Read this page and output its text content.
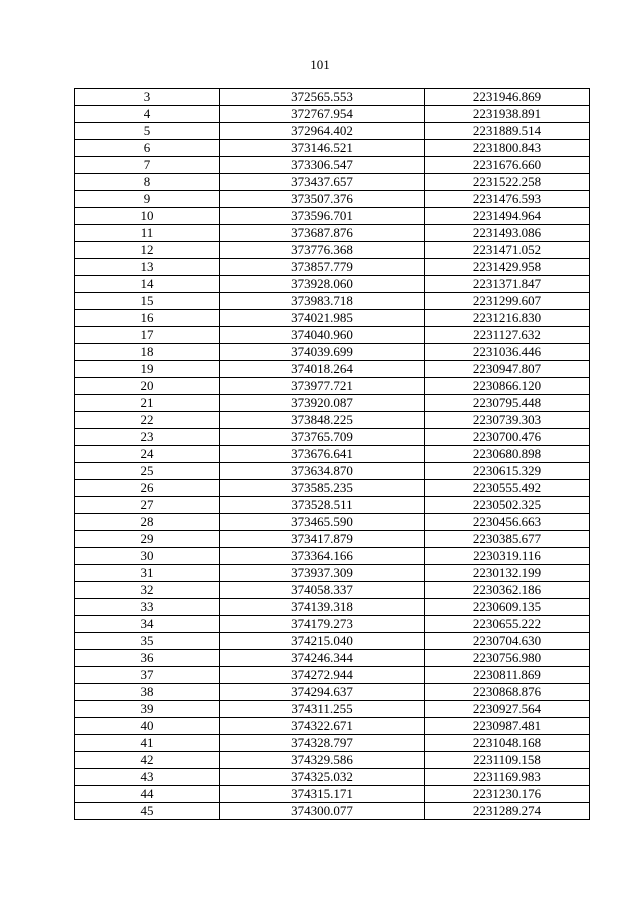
101
3	372565.553	2231946.869
4	372767.954	2231938.891
5	372964.402	2231889.514
6	373146.521	2231800.843
7	373306.547	2231676.660
8	373437.657	2231522.258
9	373507.376	2231476.593
10	373596.701	2231494.964
11	373687.876	2231493.086
12	373776.368	2231471.052
13	373857.779	2231429.958
14	373928.060	2231371.847
15	373983.718	2231299.607
16	374021.985	2231216.830
17	374040.960	2231127.632
18	374039.699	2231036.446
19	374018.264	2230947.807
20	373977.721	2230866.120
21	373920.087	2230795.448
22	373848.225	2230739.303
23	373765.709	2230700.476
24	373676.641	2230680.898
25	373634.870	2230615.329
26	373585.235	2230555.492
27	373528.511	2230502.325
28	373465.590	2230456.663
29	373417.879	2230385.677
30	373364.166	2230319.116
31	373937.309	2230132.199
32	374058.337	2230362.186
33	374139.318	2230609.135
34	374179.273	2230655.222
35	374215.040	2230704.630
36	374246.344	2230756.980
37	374272.944	2230811.869
38	374294.637	2230868.876
39	374311.255	2230927.564
40	374322.671	2230987.481
41	374328.797	2231048.168
42	374329.586	2231109.158
43	374325.032	2231169.983
44	374315.171	2231230.176
45	374300.077	2231289.274
